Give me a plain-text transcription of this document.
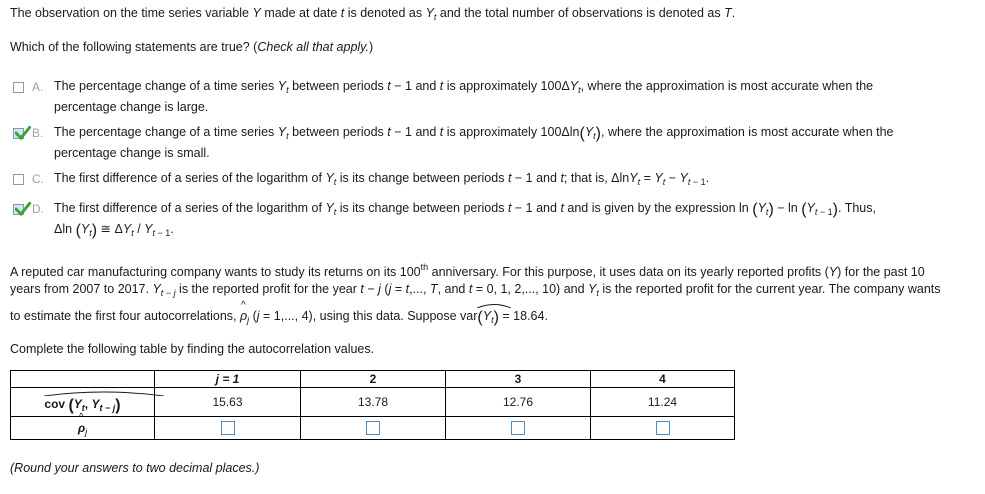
The observation on the time series variable Y made at date t is denoted as $Y_t$ and the total number of observations is denoted as T.
Which of the following statements are true? (Check all that apply.)
A. The percentage change of a time series $Y_t$ between periods t − 1 and t is approximately $100\Delta Y_t$, where the approximation is most accurate when the
percentage change is large.
B. The percentage change of a time series $Y_t$ between periods t − 1 and t is approximately $100\Delta\ln(Y_t)$, where the approximation is most accurate when the
percentage change is small.
C. The first difference of a series of the logarithm of $Y_t$ is its change between periods t − 1 and t; that is, $\Delta\ln Y_t = Y_t - Y_{t - 1}$.
D. The first difference of a series of the logarithm of $Y_t$ is its change between periods t − 1 and t and is given by the expression $\ln (Y_t) - \ln (Y_{t - 1})$. Thus,
Δln $(Y_t)$ ≅ $\Delta Y_t / Y_{t - 1}$.
A reputed car manufacturing company wants to study its returns on its 100th anniversary. For this purpose, it uses data on its yearly reported profits (Y) for the past 10
years from 2007 to 2017. $Y_{t - j}$ is the reported profit for the year t − j (j = t,..., T, and t = 0, 1, 2,..., 10) and $Y_t$ is the reported profit for the current year. The company wants
to estimate the first four autocorrelations, ^ $\rho_j$ (j = 1,..., 4), using this data. Suppose var
$(Y_t) = 18.64$.
Complete the following table by finding the autocorrelation values.
	j = 1	2	3	4

cov ($Y_t$, $Y_{t - j}$)	15.63	13.78	12.76	11.24
^ $\rho_j$				
(Round your answers to two decimal places.)
